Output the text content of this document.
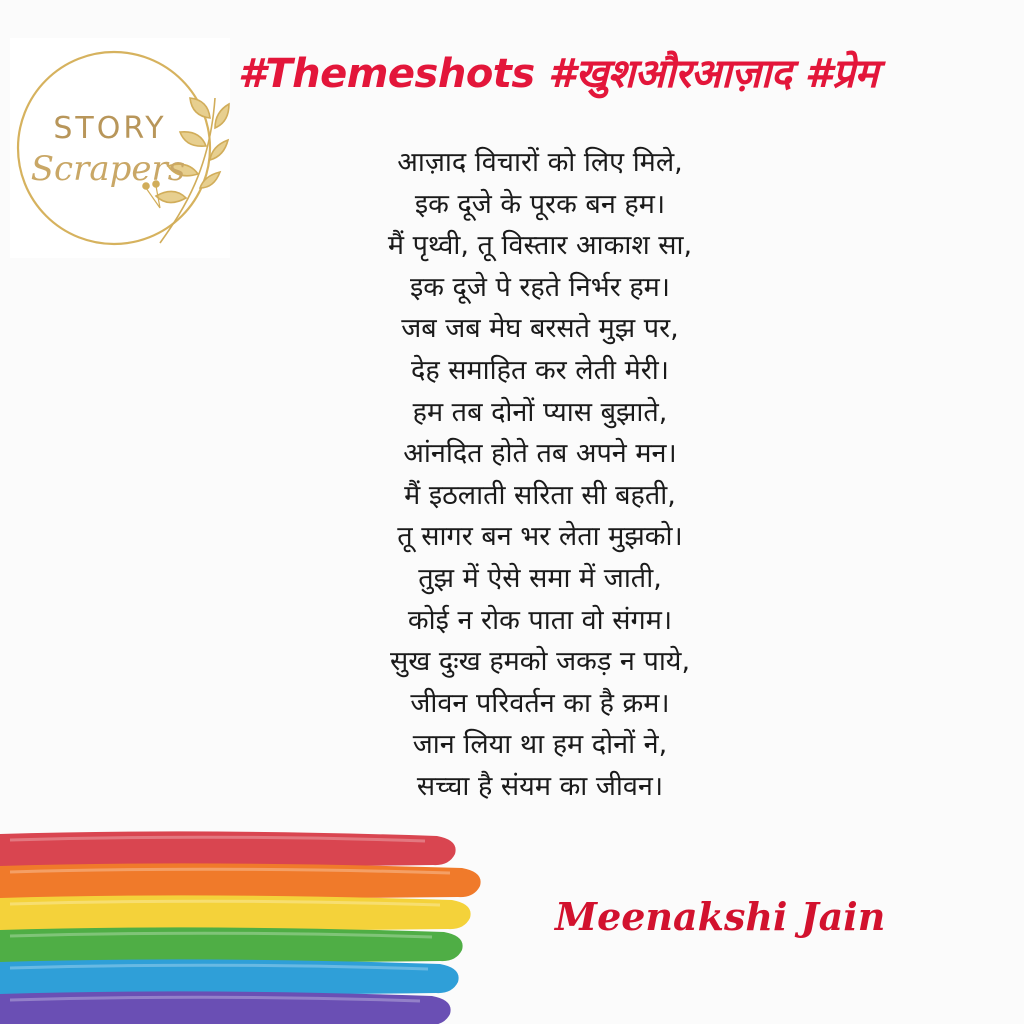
STORY
Scrapers
#Themeshots #खुशऔरआज़ाद #प्रेम
आज़ाद विचारों को लिए मिले,
इक दूजे के पूरक बन हम।
मैं पृथ्वी, तू विस्तार आकाश सा,
इक दूजे पे रहते निर्भर हम।
जब जब मेघ बरसते मुझ पर,
देह समाहित कर लेती मेरी।
हम तब दोनों प्यास बुझाते,
आंनदित होते तब अपने मन।
मैं इठलाती सरिता सी बहती,
तू सागर बन भर लेता मुझको।
तुझ में ऐसे समा में जाती,
कोई न रोक पाता वो संगम।
सुख दुःख हमको जकड़ न पाये,
जीवन परिवर्तन का है क्रम।
जान लिया था हम दोनों ने,
सच्चा है संयम का जीवन।
Meenakshi Jain
